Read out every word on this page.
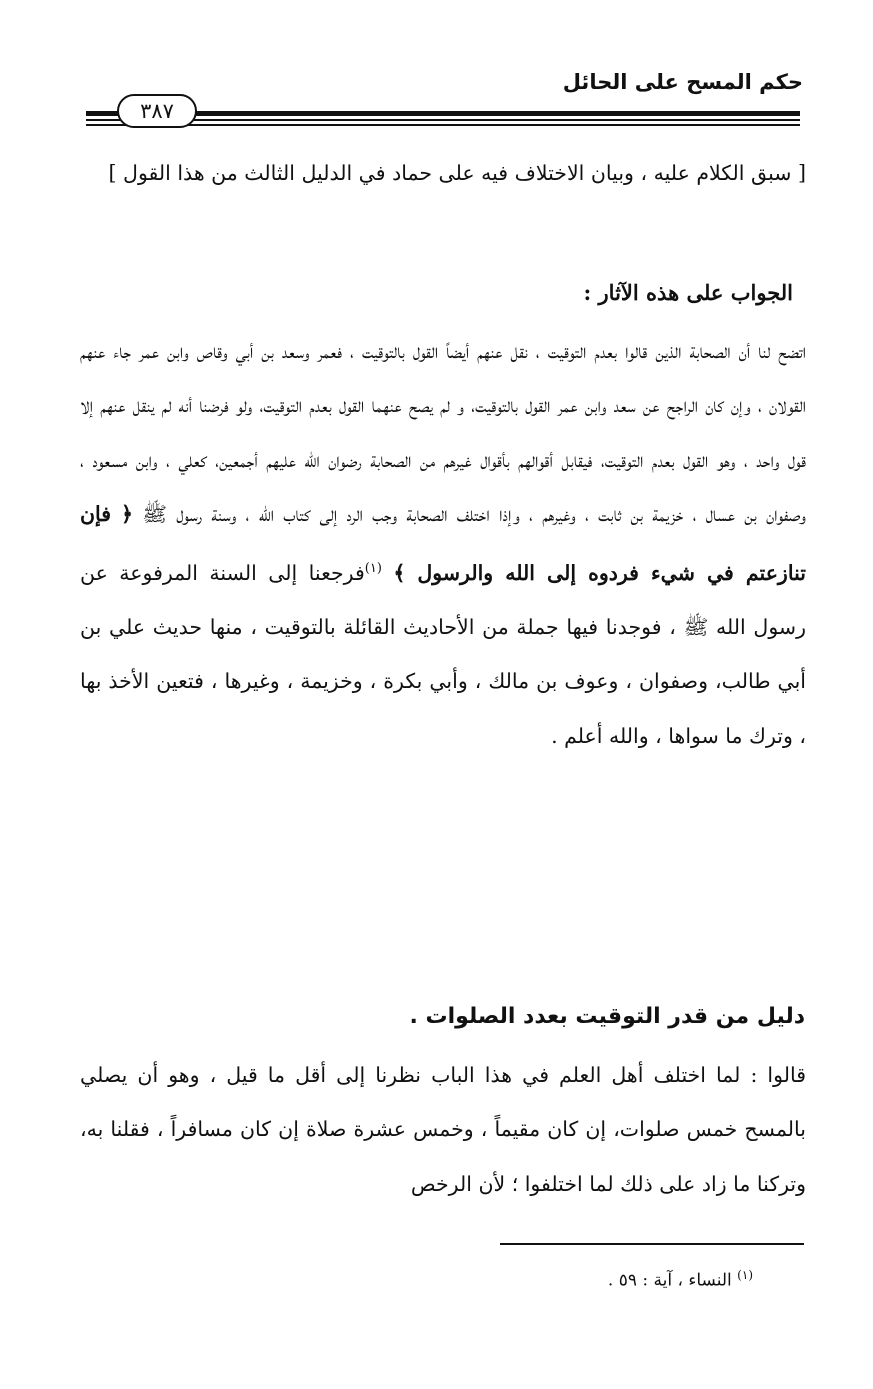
حكم المسح على الحائل
٣٨٧

[ سبق الكلام عليه ، وبيان الاختلاف فيه على حماد في الدليل الثالث من هذا القول ]

الجواب على هذه الآثار :

اتضح لنا أن الصحابة الذين قالوا بعدم التوقيت ، نقل عنهم أيضاً القول بالتوقيت ، فعمر وسعد بن أبي وقاص وابن عمر جاء عنهم القولان ، وإن كان الراجح عن سعد وابن عمر القول بالتوقيت، و لم يصح عنهما القول بعدم التوقيت، ولو فرضنا أنه لم ينقل عنهم إلا قول واحد ، وهو القول بعدم التوقيت، فيقابل أقوالهم بأقوال غيرهم من الصحابة رضوان الله عليهم أجمعين، كعلي ، وابن مسعود ، وصفوان بن عسال ، خزيمة بن ثابت ، وغيرهم ، وإذا اختلف الصحابة وجب الرد إلى كتاب الله ، وسنة رسول ﷺ ﴿ فإن تنازعتم في شيء فردوه إلى الله والرسول ﴾ $^{(١)}$فرجعنا إلى السنة المرفوعة عن رسول الله ﷺ ، فوجدنا فيها جملة من الأحاديث القائلة بالتوقيت ، منها حديث علي بن أبي طالب، وصفوان ، وعوف بن مالك ، وأبي بكرة ، وخزيمة ، وغيرها ، فتعين الأخذ بها ، وترك ما سواها ، والله أعلم .

دليل من قدر التوقيت بعدد الصلوات .

قالوا : لما اختلف أهل العلم في هذا الباب نظرنا إلى أقل ما قيل ، وهو أن يصلي بالمسح خمس صلوات، إن كان مقيماً ، وخمس عشرة صلاة إن كان مسافراً ، فقلنا به، وتركنا ما زاد على ذلك لما اختلفوا ؛ لأن الرخص

$^{(١)}$ النساء ، آية : ٥٩ .
